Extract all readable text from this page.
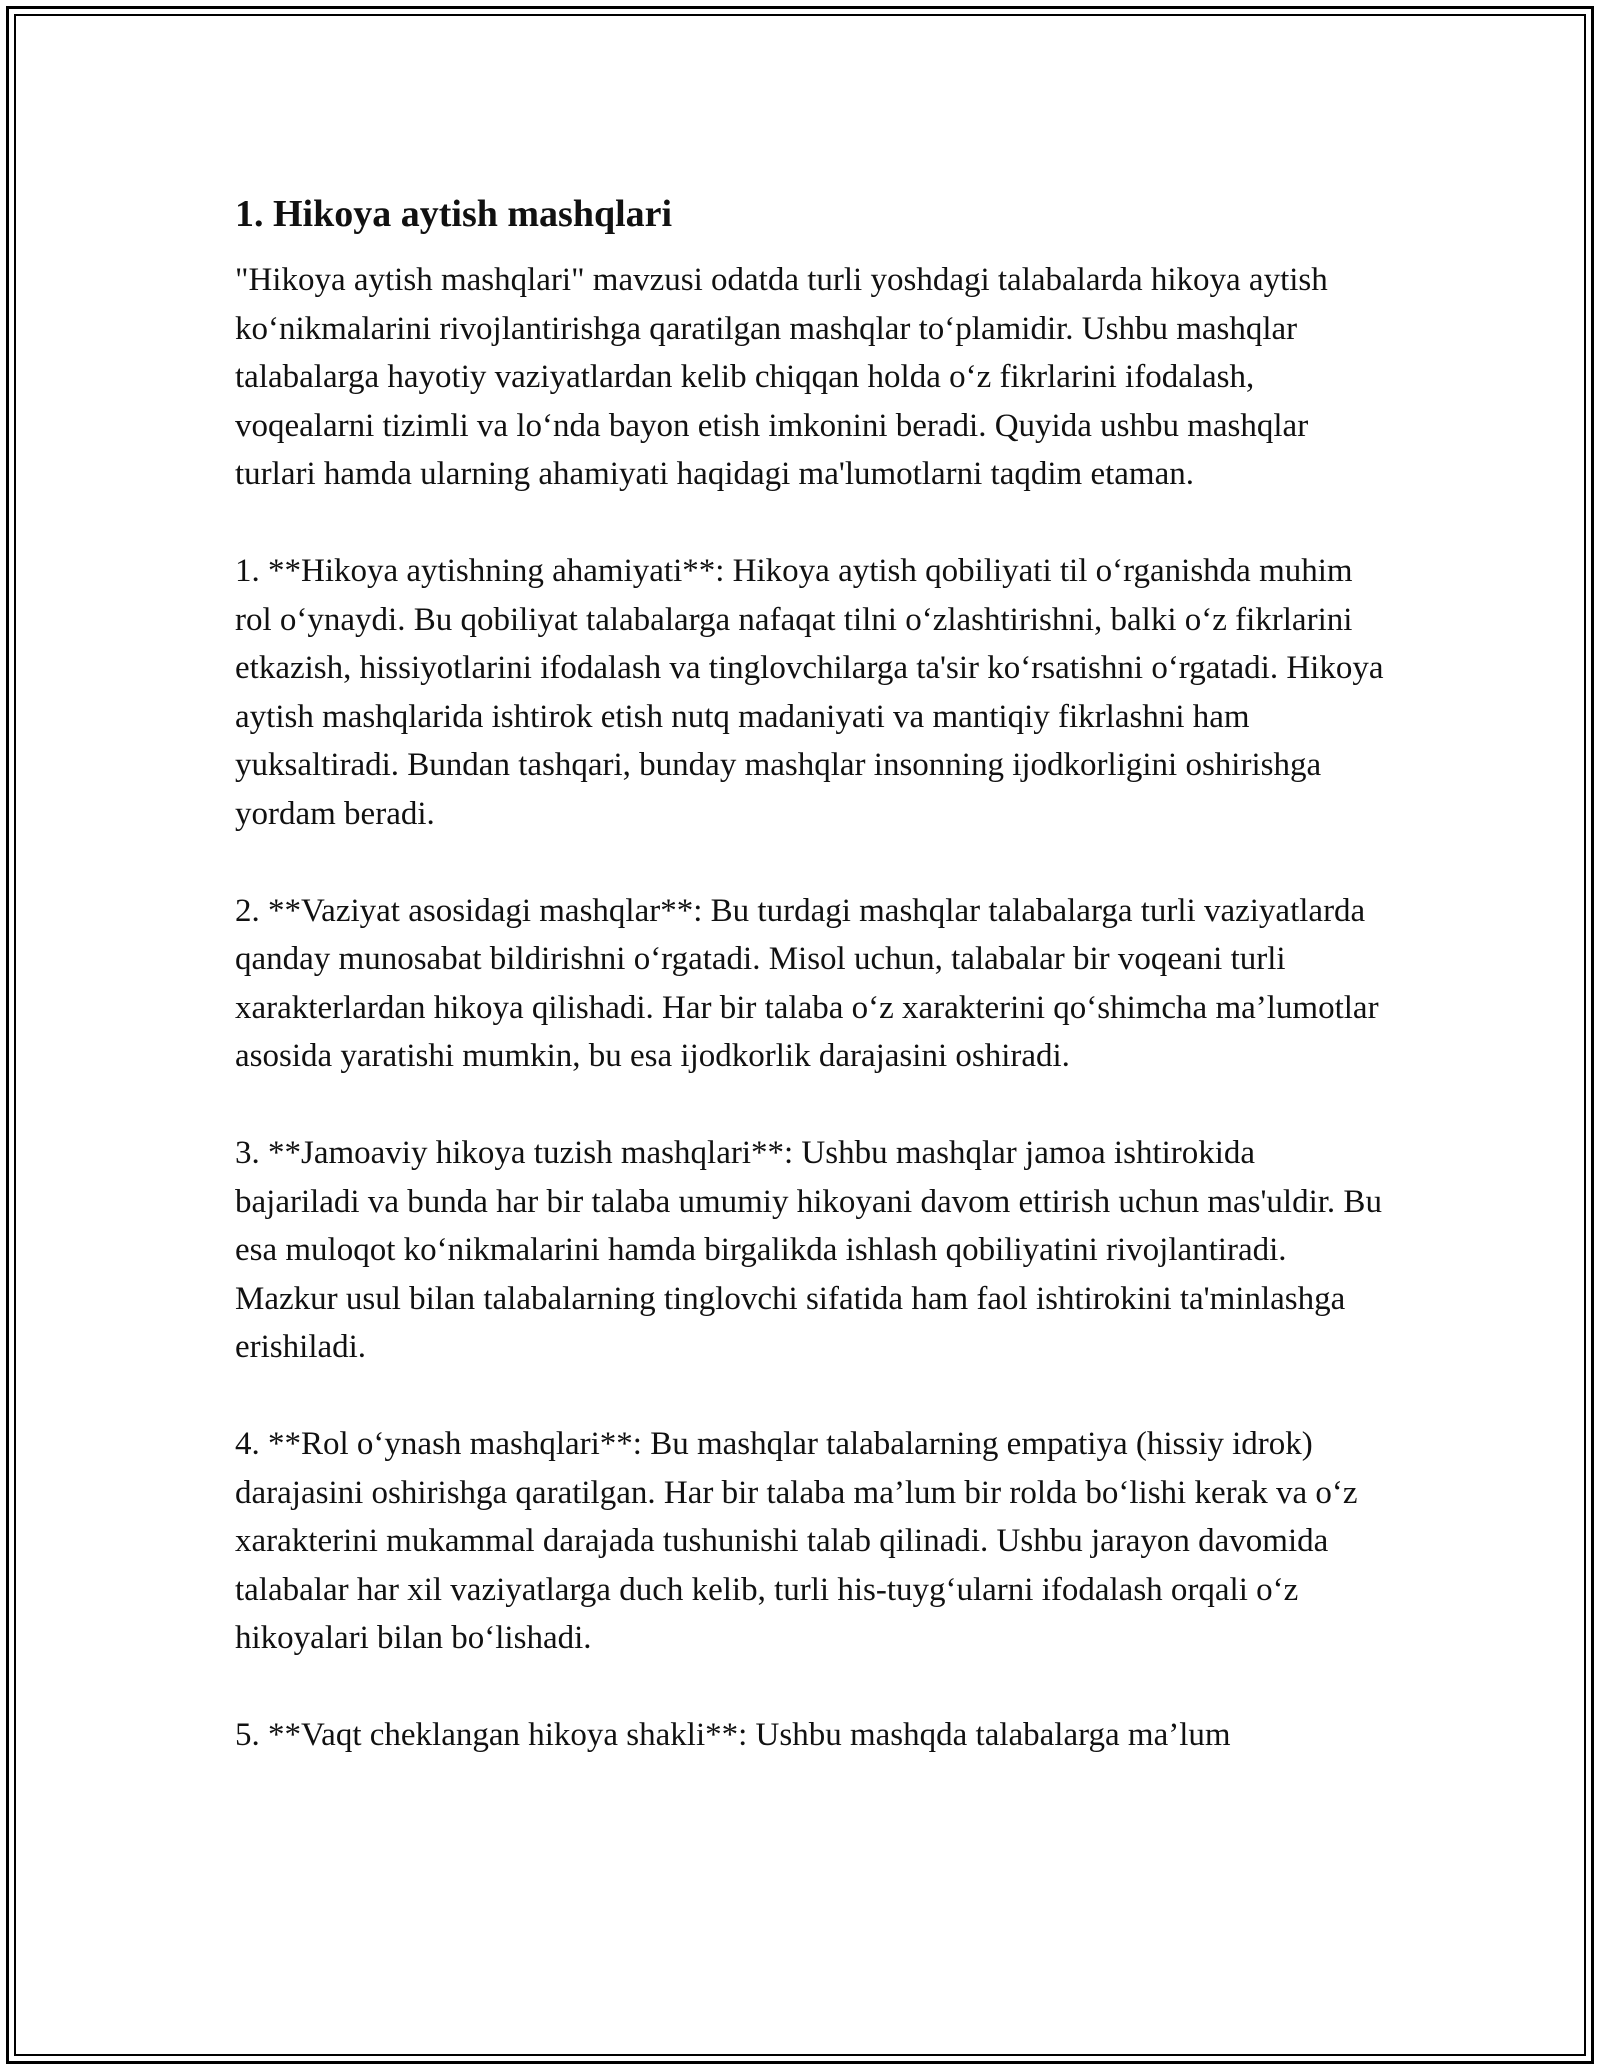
1. Hikoya aytish mashqlari

"Hikoya aytish mashqlari" mavzusi odatda turli yoshdagi talabalarda hikoya aytish ko‘nikmalarini rivojlantirishga qaratilgan mashqlar to‘plamidir. Ushbu mashqlar talabalarga hayotiy vaziyatlardan kelib chiqqan holda o‘z fikrlarini ifodalash, voqealarni tizimli va lo‘nda bayon etish imkonini beradi. Quyida ushbu mashqlar turlari hamda ularning ahamiyati haqidagi ma'lumotlarni taqdim etaman.

1. **Hikoya aytishning ahamiyati**: Hikoya aytish qobiliyati til o‘rganishda muhim rol o‘ynaydi. Bu qobiliyat talabalarga nafaqat tilni o‘zlashtirishni, balki o‘z fikrlarini etkazish, hissiyotlarini ifodalash va tinglovchilarga ta'sir ko‘rsatishni o‘rgatadi. Hikoya aytish mashqlarida ishtirok etish nutq madaniyati va mantiqiy fikrlashni ham yuksaltiradi. Bundan tashqari, bunday mashqlar insonning ijodkorligini oshirishga yordam beradi.

2. **Vaziyat asosidagi mashqlar**: Bu turdagi mashqlar talabalarga turli vaziyatlarda qanday munosabat bildirishni o‘rgatadi. Misol uchun, talabalar bir voqeani turli xarakterlardan hikoya qilishadi. Har bir talaba o‘z xarakterini qo‘shimcha ma’lumotlar asosida yaratishi mumkin, bu esa ijodkorlik darajasini oshiradi.

3. **Jamoaviy hikoya tuzish mashqlari**: Ushbu mashqlar jamoa ishtirokida bajariladi va bunda har bir talaba umumiy hikoyani davom ettirish uchun mas'uldir. Bu esa muloqot ko‘nikmalarini hamda birgalikda ishlash qobiliyatini rivojlantiradi. Mazkur usul bilan talabalarning tinglovchi sifatida ham faol ishtirokini ta'minlashga erishiladi.

4. **Rol o‘ynash mashqlari**: Bu mashqlar talabalarning empatiya (hissiy idrok) darajasini oshirishga qaratilgan. Har bir talaba ma’lum bir rolda bo‘lishi kerak va o‘z xarakterini mukammal darajada tushunishi talab qilinadi. Ushbu jarayon davomida talabalar har xil vaziyatlarga duch kelib, turli his-tuyg‘ularni ifodalash orqali o‘z hikoyalari bilan bo‘lishadi.

5. **Vaqt cheklangan hikoya shakli**: Ushbu mashqda talabalarga ma’lum
